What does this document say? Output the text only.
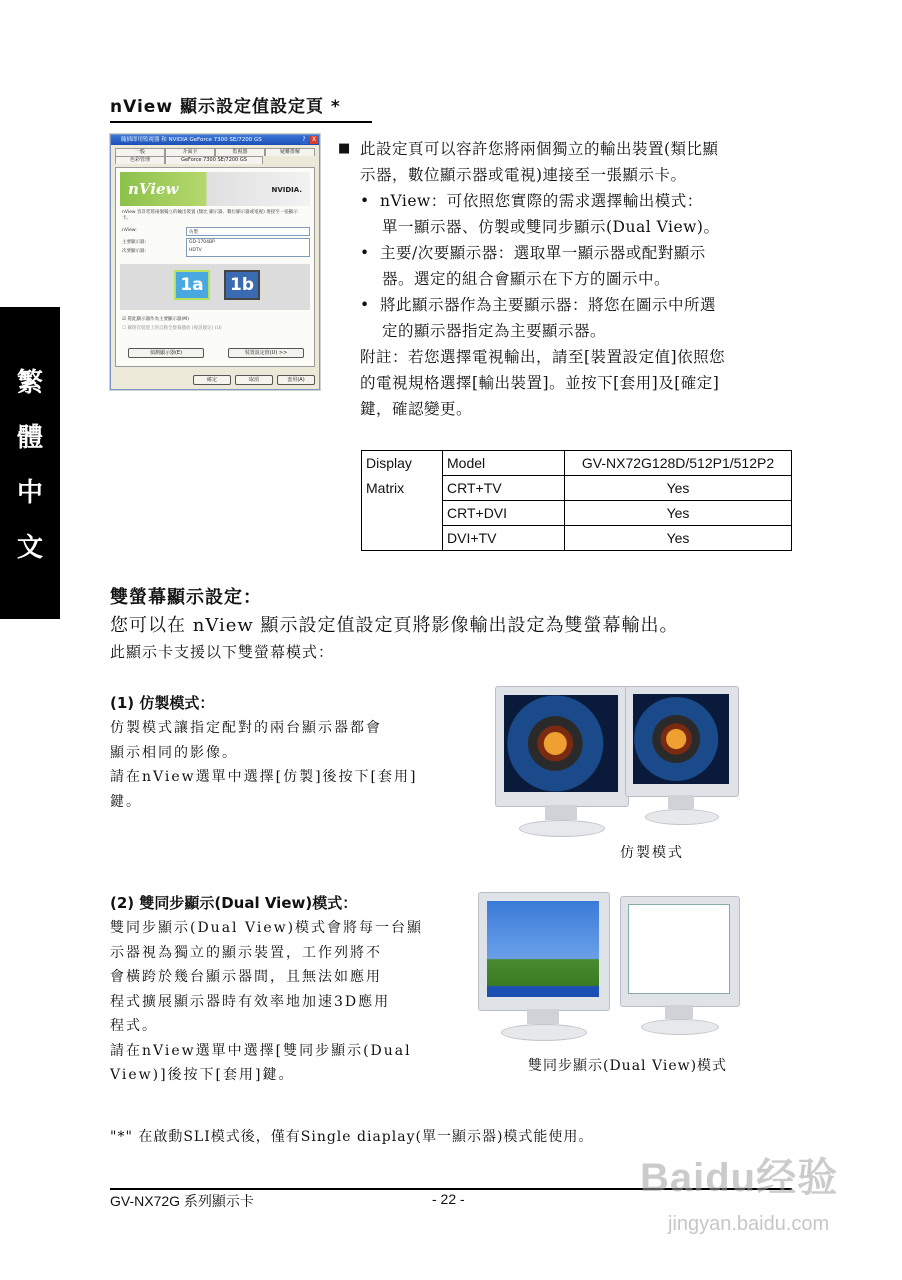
繁
體
中
文
nView 顯示設定值設定頁 *
隨插即用監視器 和 NVIDIA GeForce 7300 SE/7200 GS	?	X
一般	介面卡	監視器	疑難排解
色彩管理	GeForce 7300 SE/7200 GS
nView	NVIDIA.
nView 容許您將兩個獨立的輸出裝置 (類比 顯示器、數位顯示器或電視) 連接至一張顯示卡。
nView:	仿製
主要顯示器:
次要顯示器:
GD-1704BP
HDTV
1a	1b
☑ 將此顯示器作為主要顯示器(M)
☐ 關閉次裝置上的自動全螢幕播放 (視訊鏡定) (U)
偵測顯示器(E)	裝置設定值(U) >>
確定	取消	套用(A)
■ 此設定頁可以容許您將兩個獨立的輸出裝置(類比顯
示器，數位顯示器或電視)連接至一張顯示卡。
• nView：可依照您實際的需求選擇輸出模式：
單一顯示器、仿製或雙同步顯示(Dual View)。
• 主要/次要顯示器：選取單一顯示器或配對顯示
器。選定的組合會顯示在下方的圖示中。
• 將此顯示器作為主要顯示器：將您在圖示中所選
定的顯示器指定為主要顯示器。
附註：若您選擇電視輸出，請至[裝置設定值]依照您
的電視規格選擇[輸出裝置]。並按下[套用]及[確定]
鍵，確認變更。
Display	Model	GV-NX72G128D/512P1/512P2
Matrix	CRT+TV	Yes
	CRT+DVI	Yes
	DVI+TV	Yes
雙螢幕顯示設定：
您可以在 nView 顯示設定值設定頁將影像輸出設定為雙螢幕輸出。
此顯示卡支援以下雙螢幕模式：
(1) 仿製模式：
仿製模式讓指定配對的兩台顯示器都會
顯示相同的影像。
請在nView選單中選擇[仿製]後按下[套用]
鍵。
仿製模式
(2) 雙同步顯示(Dual View)模式：
雙同步顯示(Dual View)模式會將每一台顯
示器視為獨立的顯示裝置，工作列將不
會橫跨於幾台顯示器間，且無法如應用
程式擴展顯示器時有效率地加速3D應用
程式。
請在nView選單中選擇[雙同步顯示(Dual
View)]後按下[套用]鍵。
雙同步顯示(Dual View)模式
"*" 在啟動SLI模式後，僅有Single diaplay(單一顯示器)模式能使用。
GV-NX72G 系列顯示卡	- 22 -	Baidu经验
jingyan.baidu.com
